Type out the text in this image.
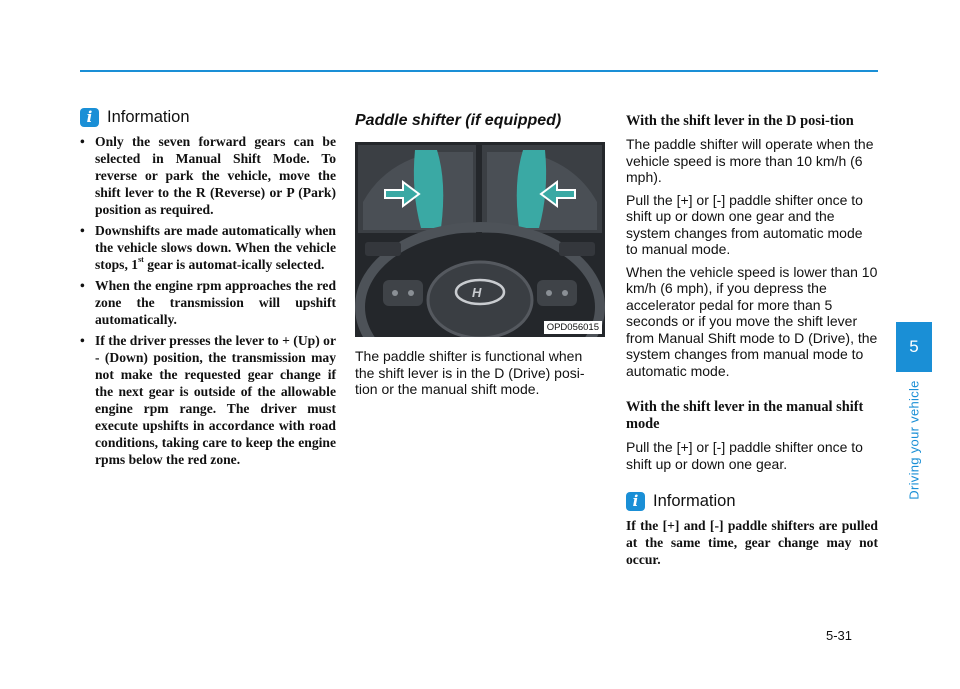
i Information
• Only the seven forward gears can be selected in Manual Shift Mode. To reverse or park the vehicle, move the shift lever to the R (Reverse) or P (Park) position as required.
• Downshifts are made automatically when the vehicle slows down. When the vehicle stops, 1st gear is automat-ically selected.
• When the engine rpm approaches the red zone the transmission will upshift automatically.
• If the driver presses the lever to + (Up) or - (Down) position, the transmission may not make the requested gear change if the next gear is outside of the allowable engine rpm range. The driver must execute upshifts in accordance with road conditions, taking care to keep the engine rpms below the red zone.
Paddle shifter (if equipped)
H
OPD056015

The paddle shifter is functional when the shift lever is in the D (Drive) posi-tion or the manual shift mode.

With the shift lever in the D posi-tion

The paddle shifter will operate when the vehicle speed is more than 10 km/h (6 mph).

Pull the [+] or [-] paddle shifter once to shift up or down one gear and the system changes from automatic mode to manual mode.

When the vehicle speed is lower than 10 km/h (6 mph), if you depress the accelerator pedal for more than 5 seconds or if you move the shift lever from Manual Shift mode to D (Drive), the system changes from manual mode to automatic mode.

With the shift lever in the manual shift mode

Pull the [+] or [-] paddle shifter once to shift up or down one gear.

i Information

If the [+] and [-] paddle shifters are pulled at the same time, gear change may not occur.

5
Driving your vehicle
5-31
